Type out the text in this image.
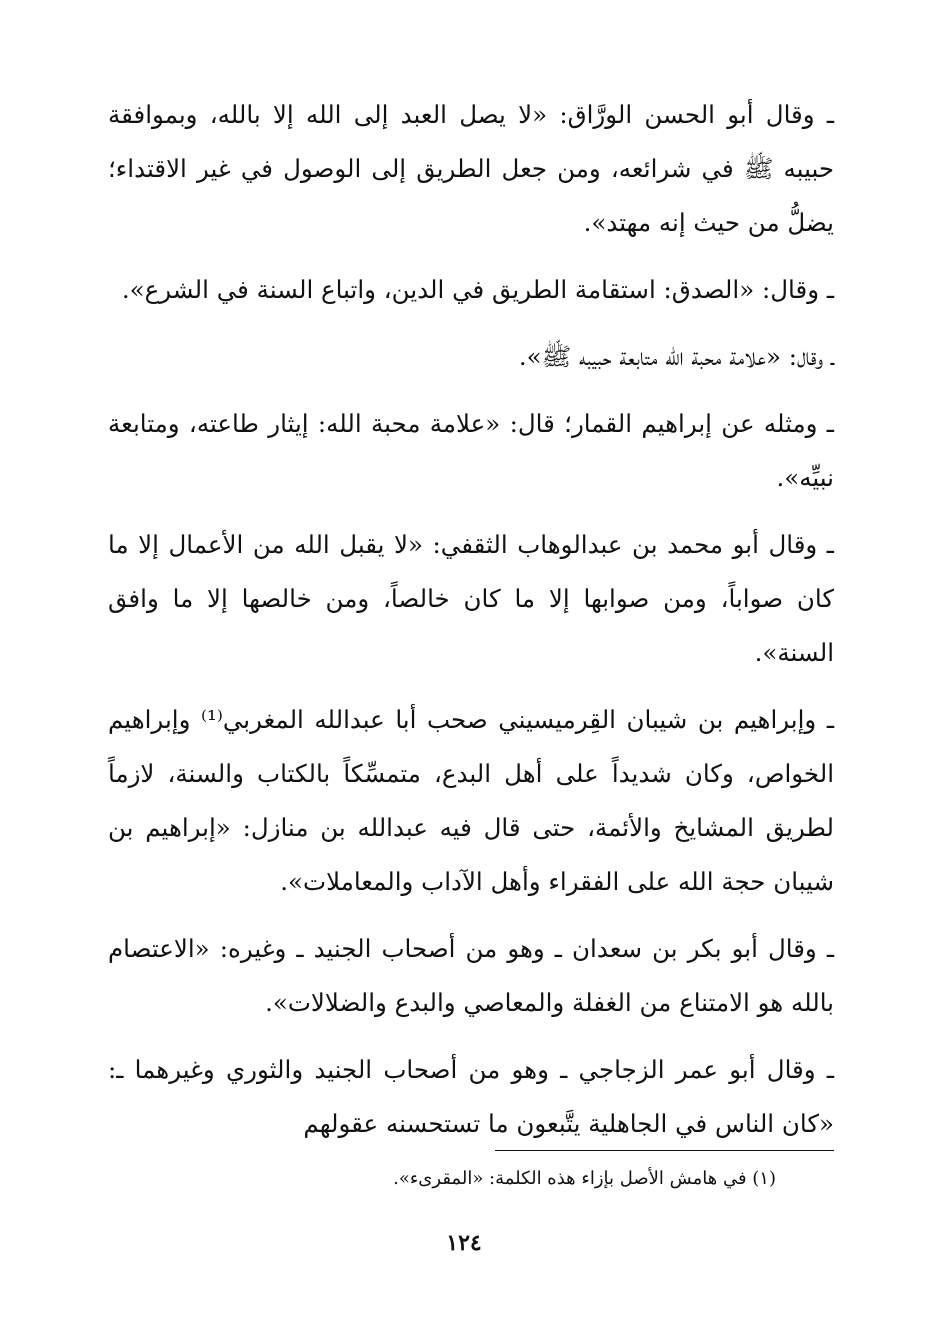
ـ وقال أبو الحسن الورَّاق: «لا يصل العبد إلى الله إلا بالله، وبموافقة حبيبه ﷺ في شرائعه، ومن جعل الطريق إلى الوصول في غير الاقتداء؛ يضلُّ من حيث إنه مهتد».

ـ وقال: «الصدق: استقامة الطريق في الدين، واتباع السنة في الشرع».

ـ وقال: «علامة محبة الله متابعة حبيبه ﷺ».

ـ ومثله عن إبراهيم القمار؛ قال: «علامة محبة الله: إيثار طاعته، ومتابعة نبيِّه».

ـ وقال أبو محمد بن عبدالوهاب الثقفي: «لا يقبل الله من الأعمال إلا ما كان صواباً، ومن صوابها إلا ما كان خالصاً، ومن خالصها إلا ما وافق السنة».

ـ وإبراهيم بن شيبان القِرميسيني صحب أبا عبدالله المغربي⁽¹⁾ وإبراهيم الخواص، وكان شديداً على أهل البدع، متمسِّكاً بالكتاب والسنة، لازماً لطريق المشايخ والأئمة، حتى قال فيه عبدالله بن منازل: «إبراهيم بن شيبان حجة الله على الفقراء وأهل الآداب والمعاملات».

ـ وقال أبو بكر بن سعدان ـ وهو من أصحاب الجنيد ـ وغيره: «الاعتصام بالله هو الامتناع من الغفلة والمعاصي والبدع والضلالات».

ـ وقال أبو عمر الزجاجي ـ وهو من أصحاب الجنيد والثوري وغيرهما ـ: «كان الناس في الجاهلية يتَّبعون ما تستحسنه عقولهم

(١) في هامش الأصل بإزاء هذه الكلمة: «المقرىء».
١٢٤
